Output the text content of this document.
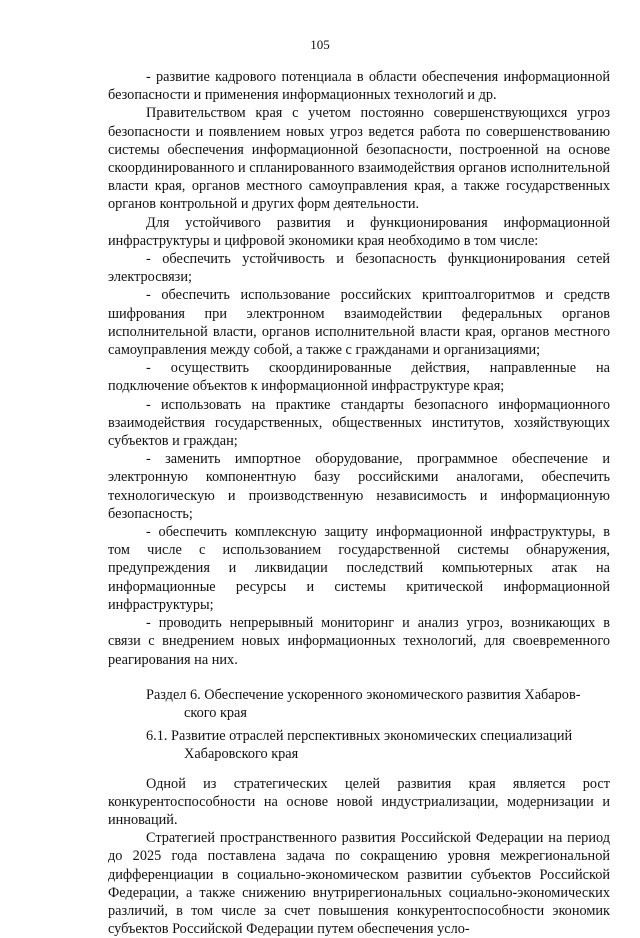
105

- развитие кадрового потенциала в области обеспечения информационной безопасности и применения информационных технологий и др.

Правительством края с учетом постоянно совершенствующихся угроз безопасности и появлением новых угроз ведется работа по совершенствованию системы обеспечения информационной безопасности, построенной на основе скоординированного и спланированного взаимодействия органов исполнительной власти края, органов местного самоуправления края, а также государственных органов контрольной и других форм деятельности.

Для устойчивого развития и функционирования информационной инфраструктуры и цифровой экономики края необходимо в том числе:

- обеспечить устойчивость и безопасность функционирования сетей электросвязи;

- обеспечить использование российских криптоалгоритмов и средств шифрования при электронном взаимодействии федеральных органов исполнительной власти, органов исполнительной власти края, органов местного самоуправления между собой, а также с гражданами и организациями;

- осуществить скоординированные действия, направленные на подключение объектов к информационной инфраструктуре края;

- использовать на практике стандарты безопасного информационного взаимодействия государственных, общественных институтов, хозяйствующих субъектов и граждан;

- заменить импортное оборудование, программное обеспечение и электронную компонентную базу российскими аналогами, обеспечить технологическую и производственную независимость и информационную безопасность;

- обеспечить комплексную защиту информационной инфраструктуры, в том числе с использованием государственной системы обнаружения, предупреждения и ликвидации последствий компьютерных атак на информационные ресурсы и системы критической информационной инфраструктуры;

- проводить непрерывный мониторинг и анализ угроз, возникающих в связи с внедрением новых информационных технологий, для своевременного реагирования на них.

Раздел 6. Обеспечение ускоренного экономического развития Хабаров-
ского края
6.1. Развитие отраслей перспективных экономических специализаций
Хабаровского края

Одной из стратегических целей развития края является рост конкурентоспособности на основе новой индустриализации, модернизации и инноваций.

Стратегией пространственного развития Российской Федерации на период до 2025 года поставлена задача по сокращению уровня межрегиональной дифференциации в социально-экономическом развитии субъектов Российской Федерации, а также снижению внутрирегиональных социально-экономических различий, в том числе за счет повышения конкурентоспособности экономик субъектов Российской Федерации путем обеспечения усло-
